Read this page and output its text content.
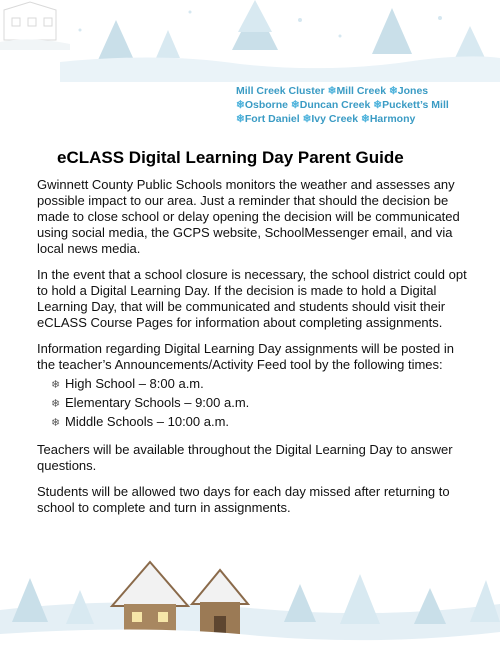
Mill Creek Cluster ❄Mill Creek ❄Jones
❄Osborne ❄Duncan Creek ❄Puckett’s Mill
❄Fort Daniel ❄Ivy Creek ❄Harmony
eCLASS Digital Learning Day Parent Guide

Gwinnett County Public Schools monitors the weather and assesses any possible impact to our area. Just a reminder that should the decision be made to close school or delay opening the decision will be communicated using social media, the GCPS website, SchoolMessenger email, and via local news media.

In the event that a school closure is necessary, the school district could opt to hold a Digital Learning Day. If the decision is made to hold a Digital Learning Day, that will be communicated and students should visit their eCLASS Course Pages for information about completing assignments.

Information regarding Digital Learning Day assignments will be posted in the teacher’s Announcements/Activity Feed tool by the following times:

❄ High School – 8:00 a.m.
❄ Elementary Schools – 9:00 a.m.
❄ Middle Schools – 10:00 a.m.

Teachers will be available throughout the Digital Learning Day to answer questions.

Students will be allowed two days for each day missed after returning to school to complete and turn in assignments.
